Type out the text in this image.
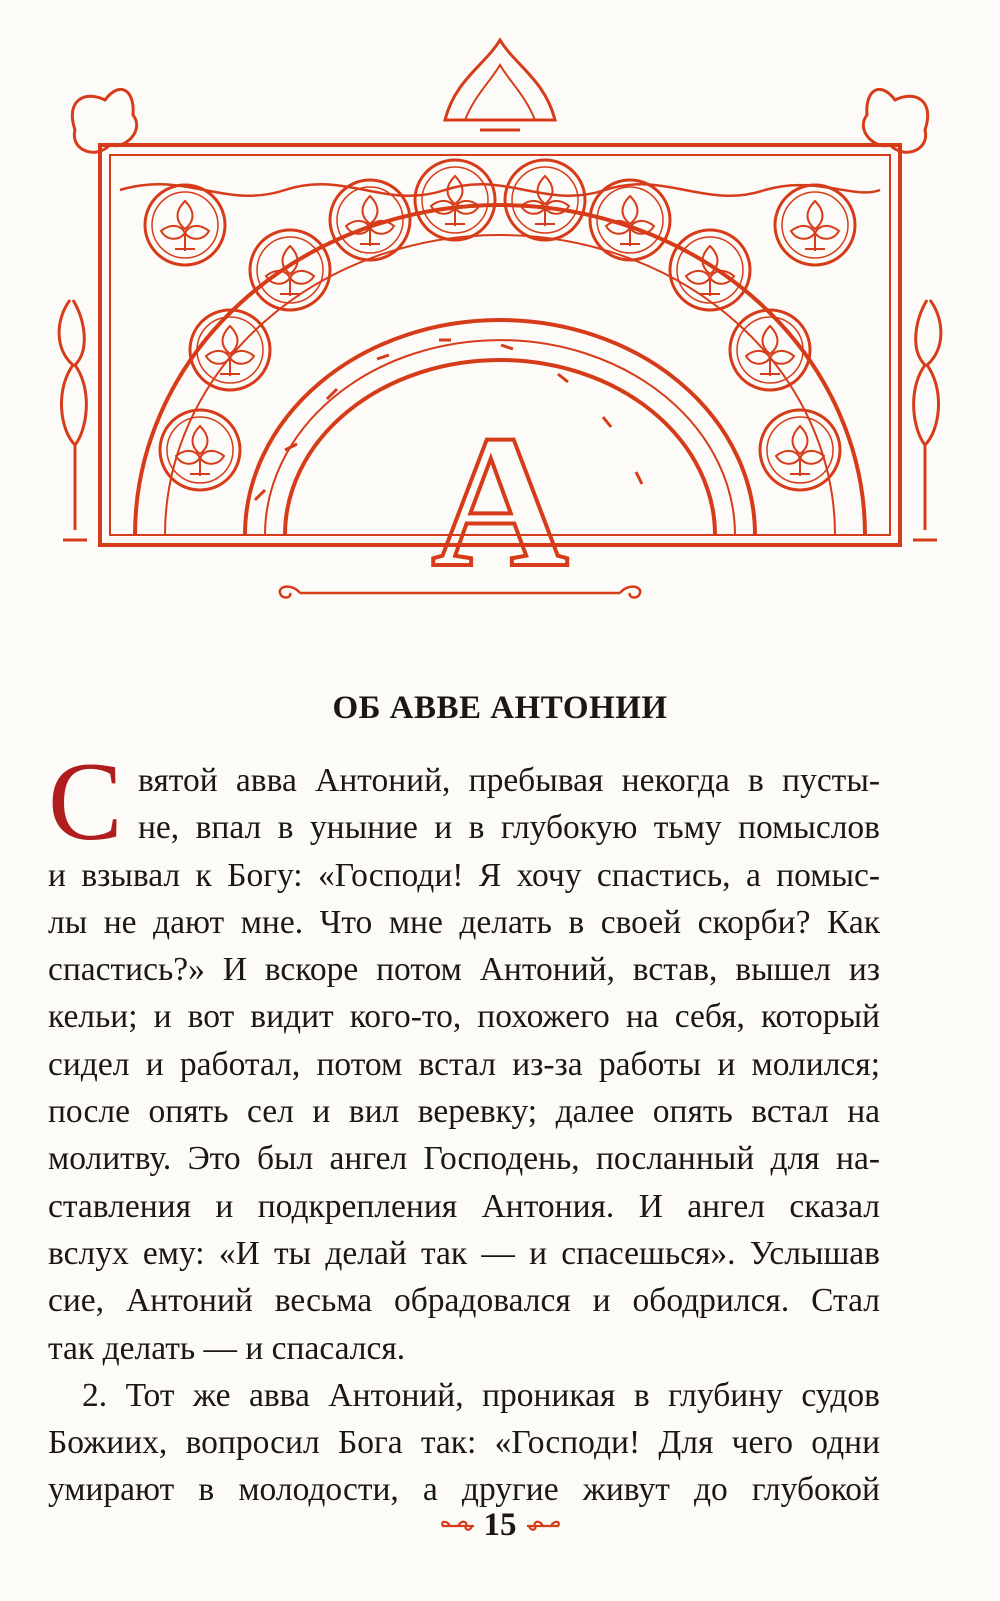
А
ОБ АВВЕ АНТОНИИ
С вятой авва Антоний, пребывая некогда в пусты-
не, впал в уныние и в глубокую тьму помыслов
и взывал к Богу: «Господи! Я хочу спастись, а помыс-
лы не дают мне. Что мне делать в своей скорби? Как
спастись?» И вскоре потом Антоний, встав, вышел из
кельи; и вот видит кого-то, похожего на себя, который
сидел и работал, потом встал из-за работы и молился;
после опять сел и вил веревку; далее опять встал на
молитву. Это был ангел Господень, посланный для на-
ставления и подкрепления Антония. И ангел сказал
вслух ему: «И ты делай так — и спасешься». Услышав
сие, Антоний весьма обрадовался и ободрился. Стал
так делать — и спасался.
2. Тот же авва Антоний, проникая в глубину судов
Божиих, вопросил Бога так: «Господи! Для чего одни
умирают в молодости, а другие живут до глубокой
15
